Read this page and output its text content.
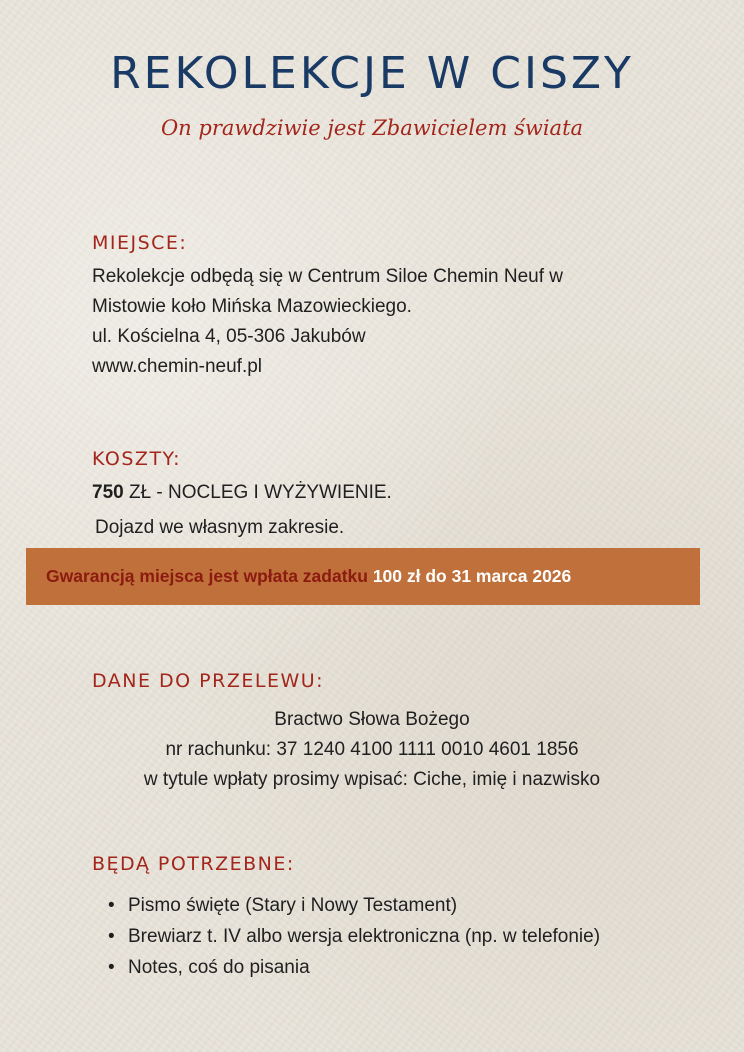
REKOLEKCJE W CISZY

On prawdziwie jest Zbawicielem świata

MIEJSCE:

Rekolekcje odbędą się w Centrum Siloe Chemin Neuf w

Mistowie koło Mińska Mazowieckiego.

ul. Kościelna 4, 05-306 Jakubów

www.chemin-neuf.pl

KOSZTY:

750 ZŁ - NOCLEG I WYŻYWIENIE.

Dojazd we własnym zakresie.

Gwarancją miejsca jest wpłata zadatku 100 zł do 31 marca 2026

DANE DO PRZELEWU:

Bractwo Słowa Bożego

nr rachunku: 37 1240 4100 1111 0010 4601 1856

w tytule wpłaty prosimy wpisać: Ciche, imię i nazwisko

BĘDĄ POTRZEBNE:
• Pismo święte (Stary i Nowy Testament)
• Brewiarz t. IV albo wersja elektroniczna (np. w telefonie)
• Notes, coś do pisania
